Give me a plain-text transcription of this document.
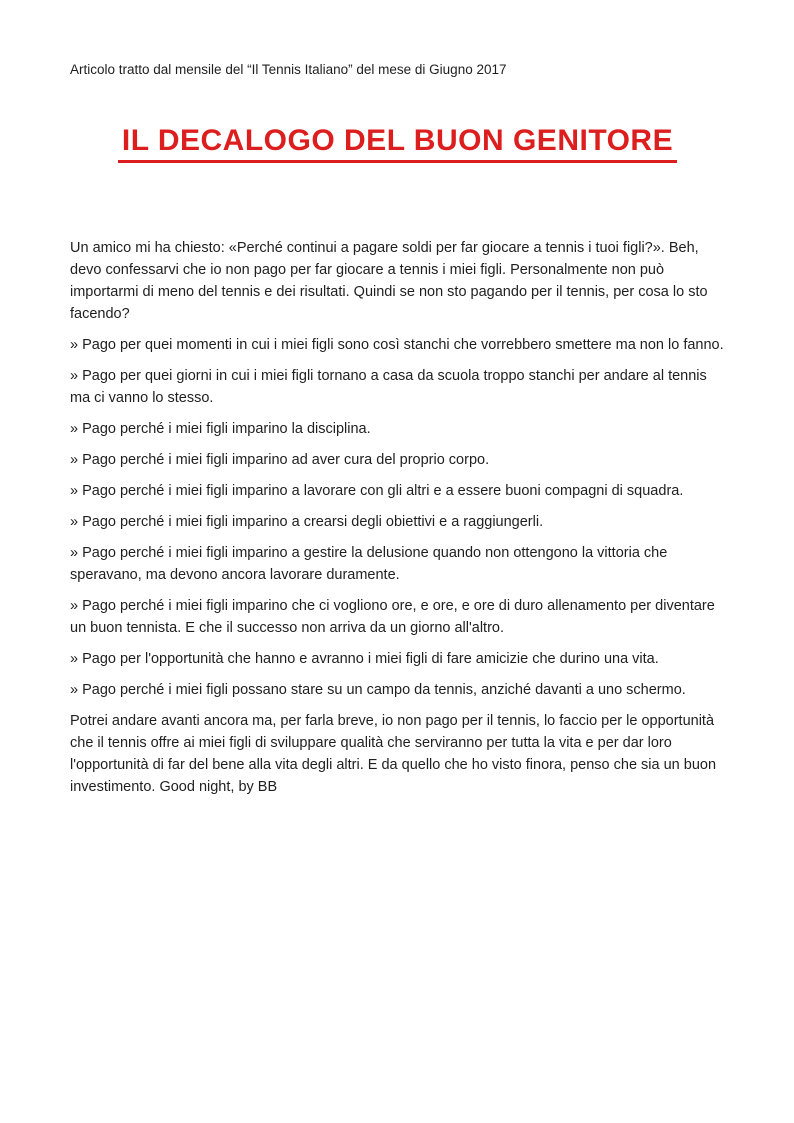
Articolo tratto dal mensile del “Il Tennis Italiano” del mese di Giugno 2017

IL DECALOGO DEL BUON GENITORE

Un amico mi ha chiesto: «Perché continui a pagare soldi per far giocare a tennis i tuoi figli?». Beh, devo confessarvi che io non pago per far giocare a tennis i miei figli. Personalmente non può importarmi di meno del tennis e dei risultati. Quindi se non sto pagando per il tennis, per cosa lo sto facendo?

» Pago per quei momenti in cui i miei figli sono così stanchi che vorrebbero smettere ma non lo fanno.

» Pago per quei giorni in cui i miei figli tornano a casa da scuola troppo stanchi per andare al tennis ma ci vanno lo stesso.

» Pago perché i miei figli imparino la disciplina.

» Pago perché i miei figli imparino ad aver cura del proprio corpo.

» Pago perché i miei figli imparino a lavorare con gli altri e a essere buoni compagni di squadra.

» Pago perché i miei figli imparino a crearsi degli obiettivi e a raggiungerli.

» Pago perché i miei figli imparino a gestire la delusione quando non ottengono la vittoria che speravano, ma devono ancora lavorare duramente.

» Pago perché i miei figli imparino che ci vogliono ore, e ore, e ore di duro allenamento per diventare un buon tennista. E che il successo non arriva da un giorno all'altro.

» Pago per l'opportunità che hanno e avranno i miei figli di fare amicizie che durino una vita.

» Pago perché i miei figli possano stare su un campo da tennis, anziché davanti a uno schermo.

Potrei andare avanti ancora ma, per farla breve, io non pago per il tennis, lo faccio per le opportunità che il tennis offre ai miei figli di sviluppare qualità che serviranno per tutta la vita e per dar loro l'opportunità di far del bene alla vita degli altri. E da quello che ho visto finora, penso che sia un buon investimento. Good night, by BB
